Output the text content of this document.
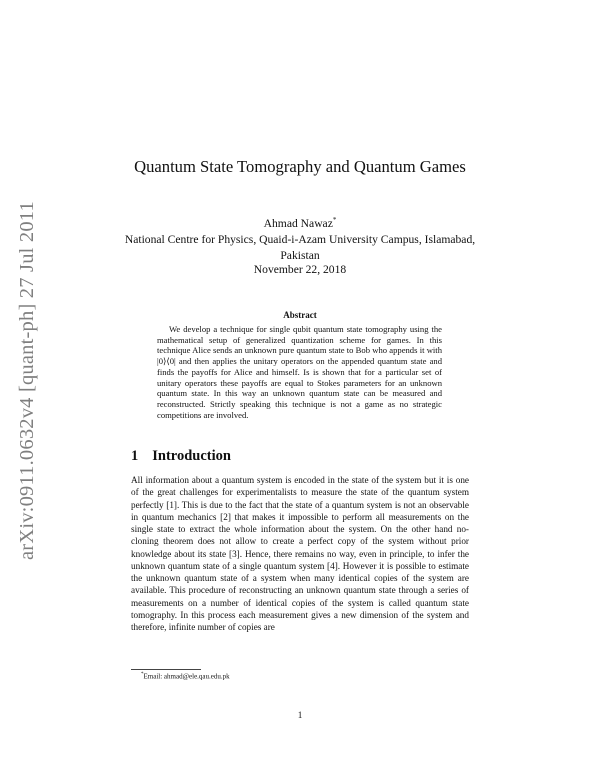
arXiv:0911.0632v4 [quant-ph] 27 Jul 2011
Quantum State Tomography and Quantum Games
Ahmad Nawaz*
National Centre for Physics, Quaid-i-Azam University Campus, Islamabad, Pakistan
November 22, 2018
Abstract
We develop a technique for single qubit quantum state tomography using the mathematical setup of generalized quantization scheme for games. In this technique Alice sends an unknown pure quantum state to Bob who appends it with |0⟩⟨0| and then applies the unitary operators on the appended quantum state and finds the payoffs for Alice and himself. Is is shown that for a particular set of unitary operators these payoffs are equal to Stokes parameters for an unknown quantum state. In this way an unknown quantum state can be measured and reconstructed. Strictly speaking this technique is not a game as no strategic competitions are involved.
1 Introduction
All information about a quantum system is encoded in the state of the system but it is one of the great challenges for experimentalists to measure the state of the quantum system perfectly [1]. This is due to the fact that the state of a quantum system is not an observable in quantum mechanics [2] that makes it impossible to perform all measurements on the single state to extract the whole information about the system. On the other hand no-cloning theorem does not allow to create a perfect copy of the system without prior knowledge about its state [3]. Hence, there remains no way, even in principle, to infer the unknown quantum state of a single quantum system [4]. However it is possible to estimate the unknown quantum state of a system when many identical copies of the system are available. This procedure of reconstructing an unknown quantum state through a series of measurements on a number of identical copies of the system is called quantum state tomography. In this process each measurement gives a new dimension of the system and therefore, infinite number of copies are
*Email: ahmad@ele.qau.edu.pk
1
